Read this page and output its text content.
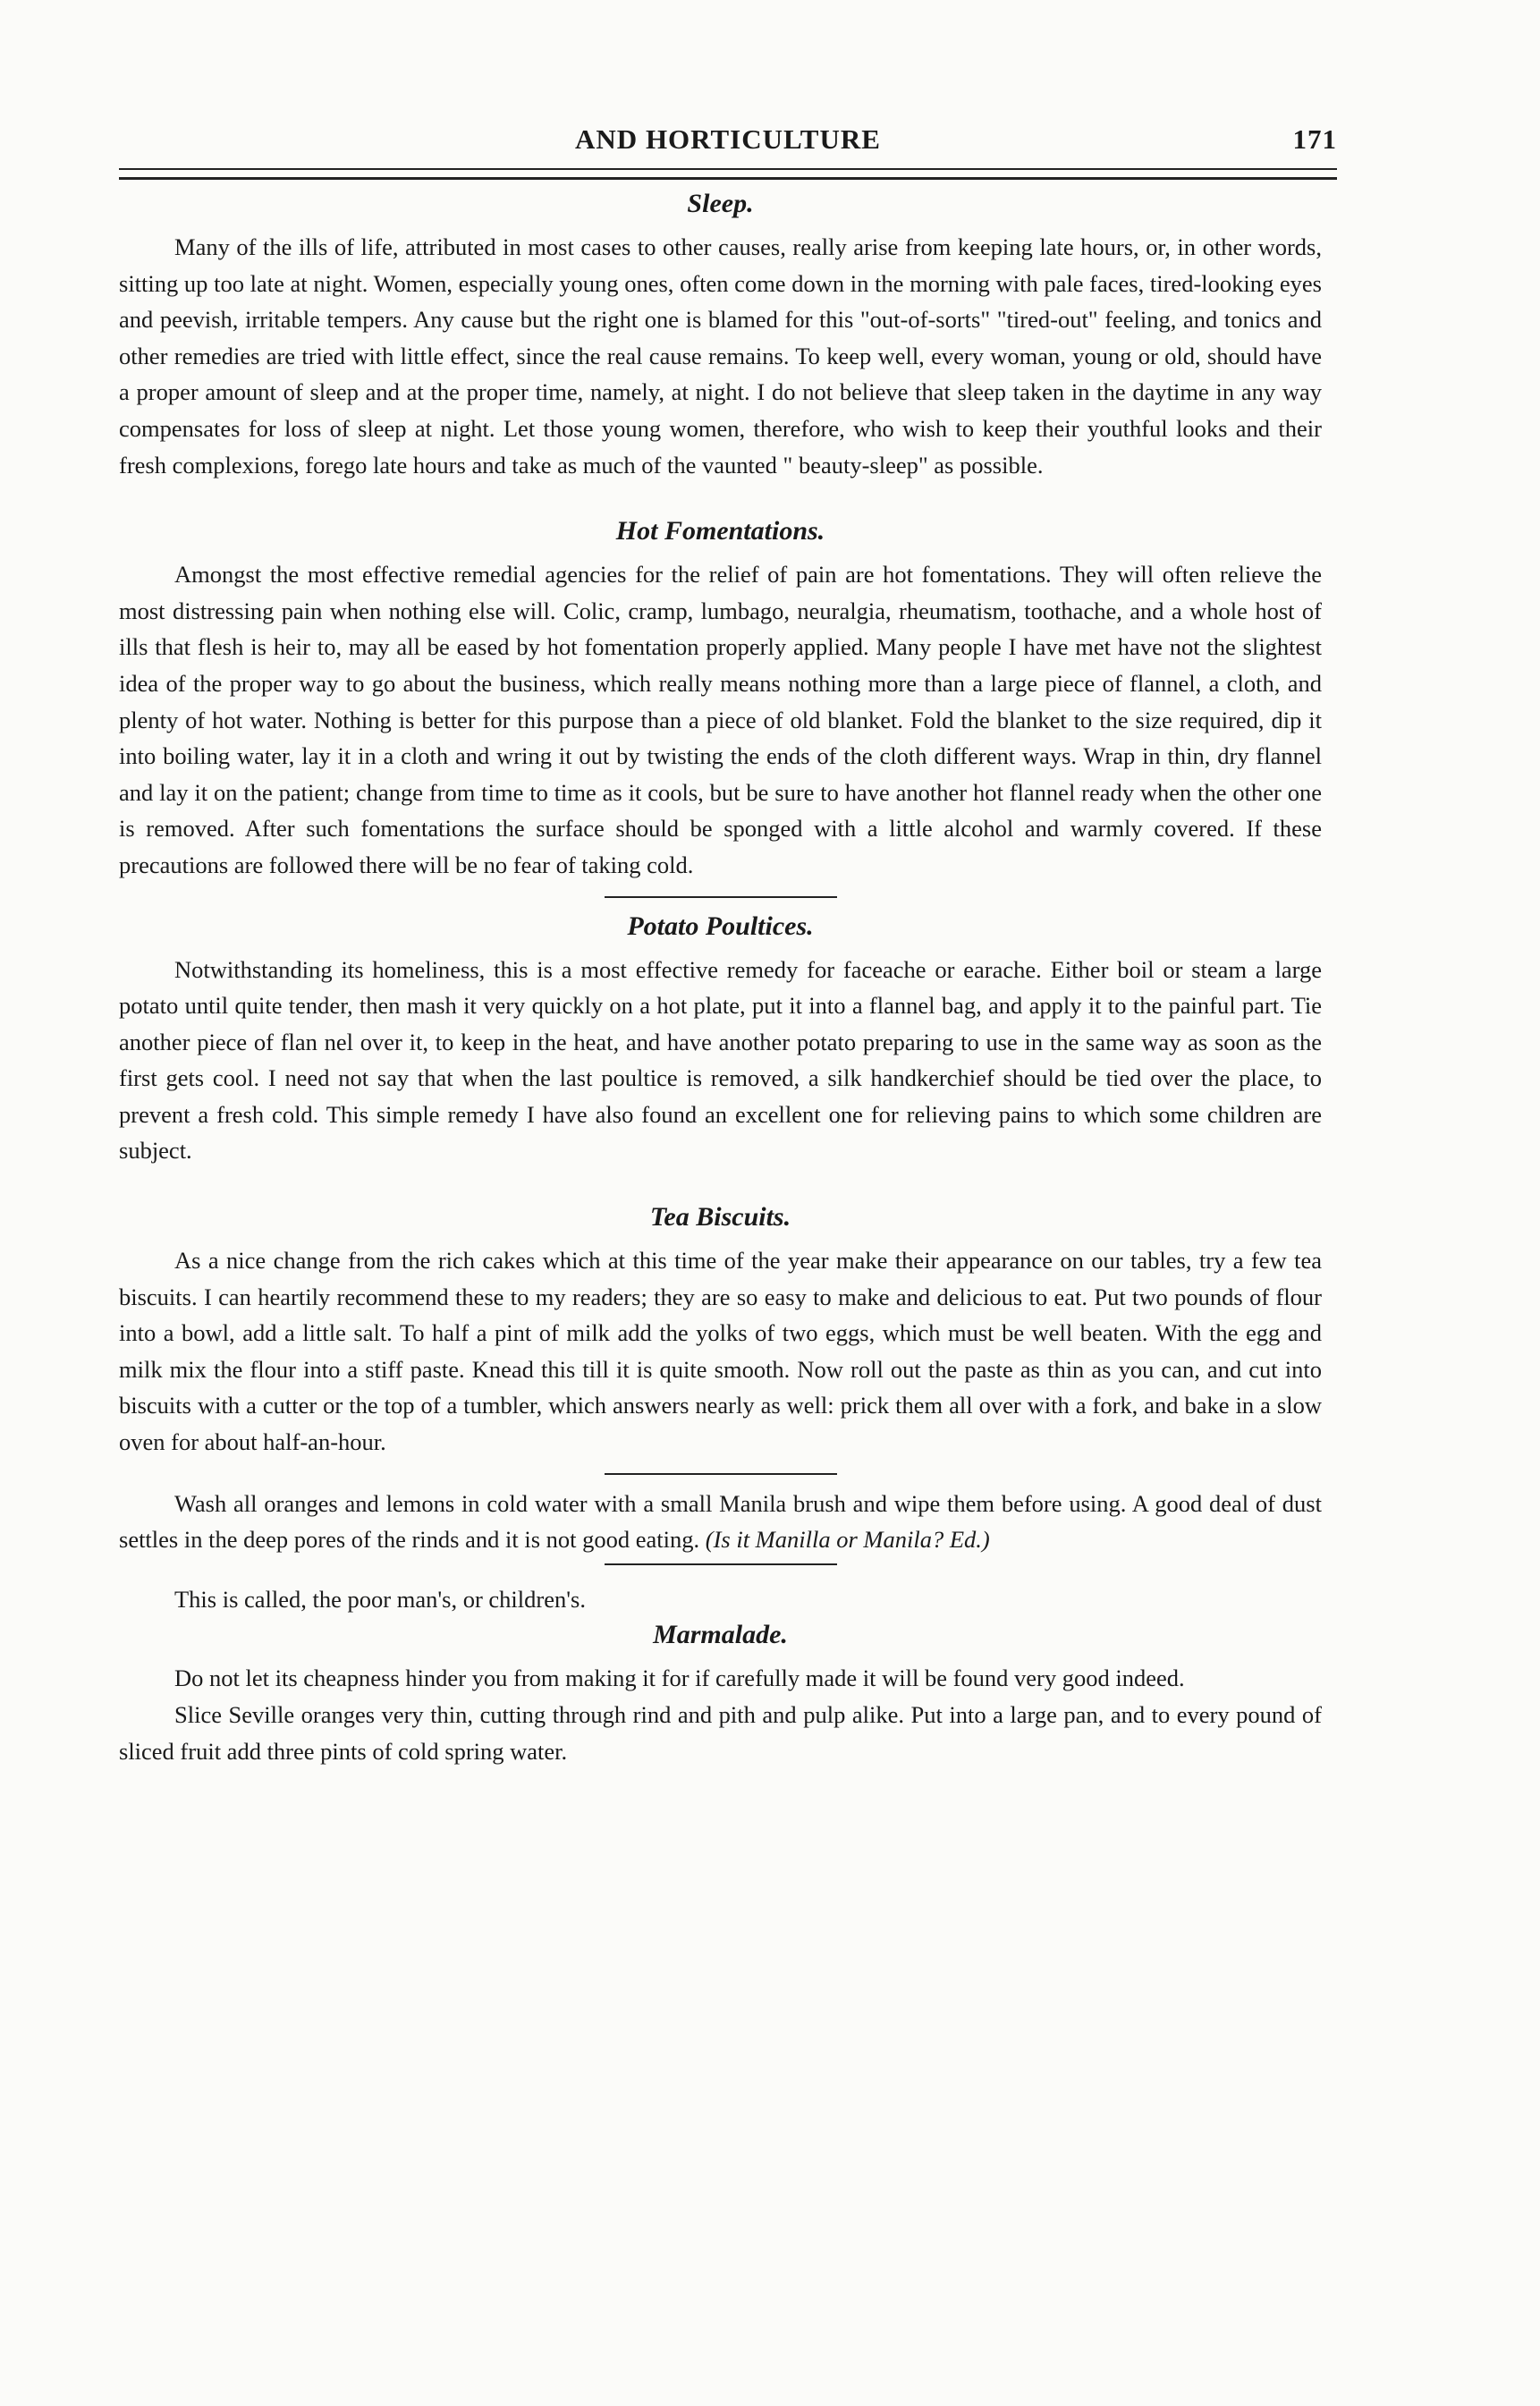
AND HORTICULTURE	171
Sleep.

Many of the ills of life, attributed in most cases to other causes, really arise from keeping late hours, or, in other words, sitting up too late at night. Women, especially young ones, often come down in the morning with pale faces, tired-looking eyes and peevish, irritable tempers. Any cause but the right one is blamed for this "out-of-sorts" "tired-out" feeling, and tonics and other remedies are tried with little effect, since the real cause remains. To keep well, every woman, young or old, should have a proper amount of sleep and at the proper time, namely, at night. I do not believe that sleep taken in the daytime in any way compensates for loss of sleep at night. Let those young women, therefore, who wish to keep their youthful looks and their fresh complexions, forego late hours and take as much of the vaunted " beauty-sleep" as possible.

Hot Fomentations.

Amongst the most effective remedial agencies for the relief of pain are hot fomentations. They will often relieve the most distressing pain when nothing else will. Colic, cramp, lumbago, neuralgia, rheumatism, toothache, and a whole host of ills that flesh is heir to, may all be eased by hot fomentation properly applied. Many people I have met have not the slightest idea of the proper way to go about the business, which really means nothing more than a large piece of flannel, a cloth, and plenty of hot water. Nothing is better for this purpose than a piece of old blanket. Fold the blanket to the size required, dip it into boiling water, lay it in a cloth and wring it out by twisting the ends of the cloth different ways. Wrap in thin, dry flannel and lay it on the patient; change from time to time as it cools, but be sure to have another hot flannel ready when the other one is removed. After such fomentations the surface should be sponged with a little alcohol and warmly covered. If these precautions are followed there will be no fear of taking cold.

Potato Poultices.

Notwithstanding its homeliness, this is a most effective remedy for faceache or earache. Either boil or steam a large potato until quite tender, then mash it very quickly on a hot plate, put it into a flannel bag, and apply it to the painful part. Tie another piece of flan nel over it, to keep in the heat, and have another potato preparing to use in the same way as soon as the first gets cool. I need not say that when the last poultice is removed, a silk handkerchief should be tied over the place, to prevent a fresh cold. This simple remedy I have also found an excellent one for relieving pains to which some children are subject.

Tea Biscuits.

As a nice change from the rich cakes which at this time of the year make their appearance on our tables, try a few tea biscuits. I can heartily recommend these to my readers; they are so easy to make and delicious to eat. Put two pounds of flour into a bowl, add a little salt. To half a pint of milk add the yolks of two eggs, which must be well beaten. With the egg and milk mix the flour into a stiff paste. Knead this till it is quite smooth. Now roll out the paste as thin as you can, and cut into biscuits with a cutter or the top of a tumbler, which answers nearly as well: prick them all over with a fork, and bake in a slow oven for about half-an-hour.

Wash all oranges and lemons in cold water with a small Manila brush and wipe them before using. A good deal of dust settles in the deep pores of the rinds and it is not good eating. (Is it Manilla or Manila? Ed.)

This is called, the poor man's, or children's.
Marmalade.

Do not let its cheapness hinder you from making it for if carefully made it will be found very good indeed.

Slice Seville oranges very thin, cutting through rind and pith and pulp alike. Put into a large pan, and to every pound of sliced fruit add three pints of cold spring water.
